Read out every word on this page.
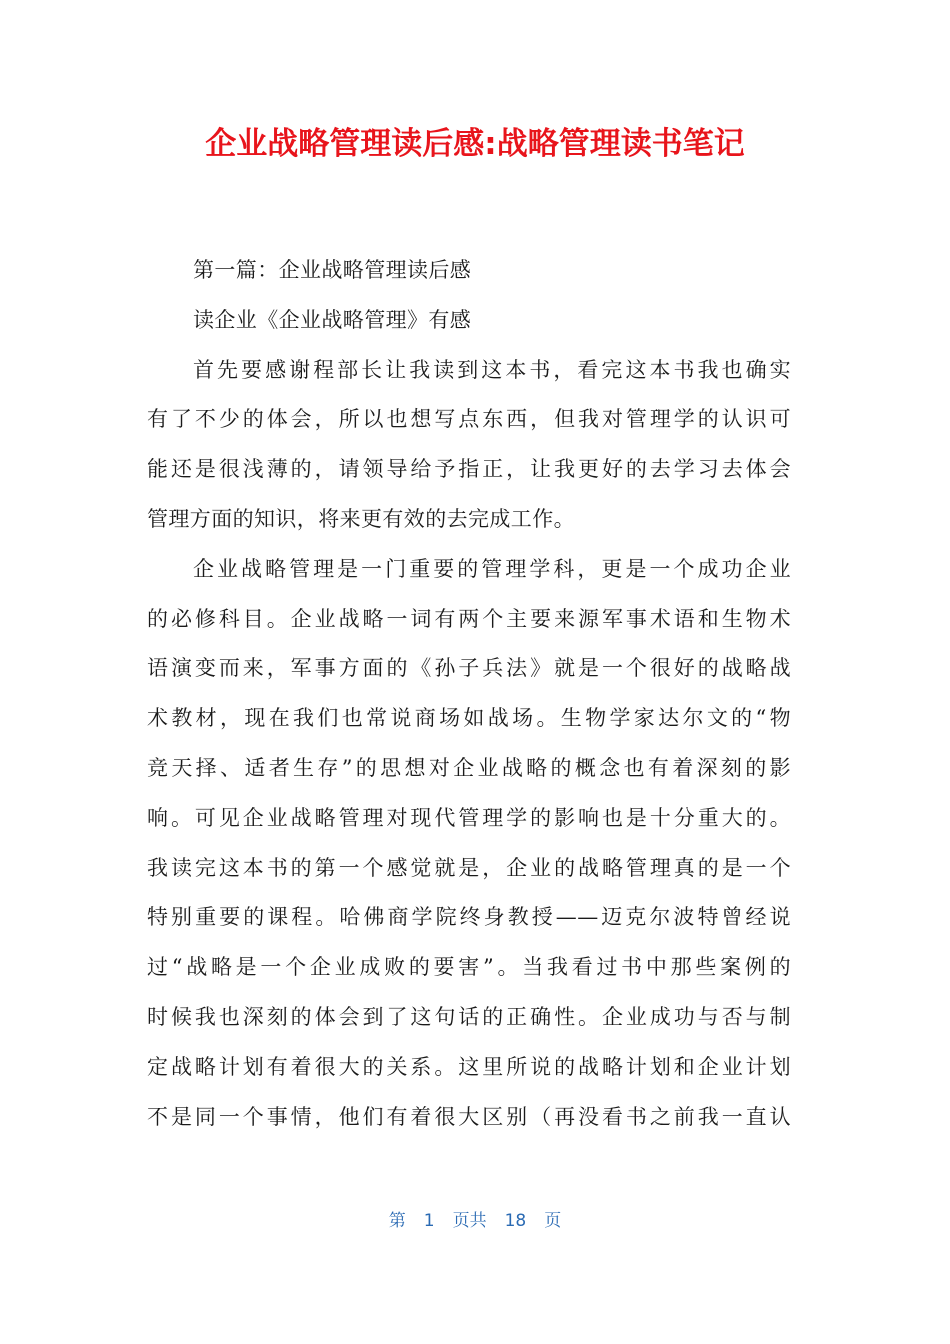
企业战略管理读后感:战略管理读书笔记
第一篇：企业战略管理读后感
读企业《企业战略管理》有感
首先要感谢程部长让我读到这本书，看完这本书我也确实
有了不少的体会，所以也想写点东西，但我对管理学的认识可
能还是很浅薄的，请领导给予指正，让我更好的去学习去体会
管理方面的知识，将来更有效的去完成工作。
企业战略管理是一门重要的管理学科，更是一个成功企业
的必修科目。企业战略一词有两个主要来源军事术语和生物术
语演变而来，军事方面的《孙子兵法》就是一个很好的战略战
术教材，现在我们也常说商场如战场。生物学家达尔文的“物
竞天择、适者生存”的思想对企业战略的概念也有着深刻的影
响。可见企业战略管理对现代管理学的影响也是十分重大的。
我读完这本书的第一个感觉就是，企业的战略管理真的是一个
特别重要的课程。哈佛商学院终身教授——迈克尔波特曾经说
过“战略是一个企业成败的要害”。当我看过书中那些案例的
时候我也深刻的体会到了这句话的正确性。企业成功与否与制
定战略计划有着很大的关系。这里所说的战略计划和企业计划
不是同一个事情，他们有着很大区别（再没看书之前我一直认
第 1 页共 18 页
